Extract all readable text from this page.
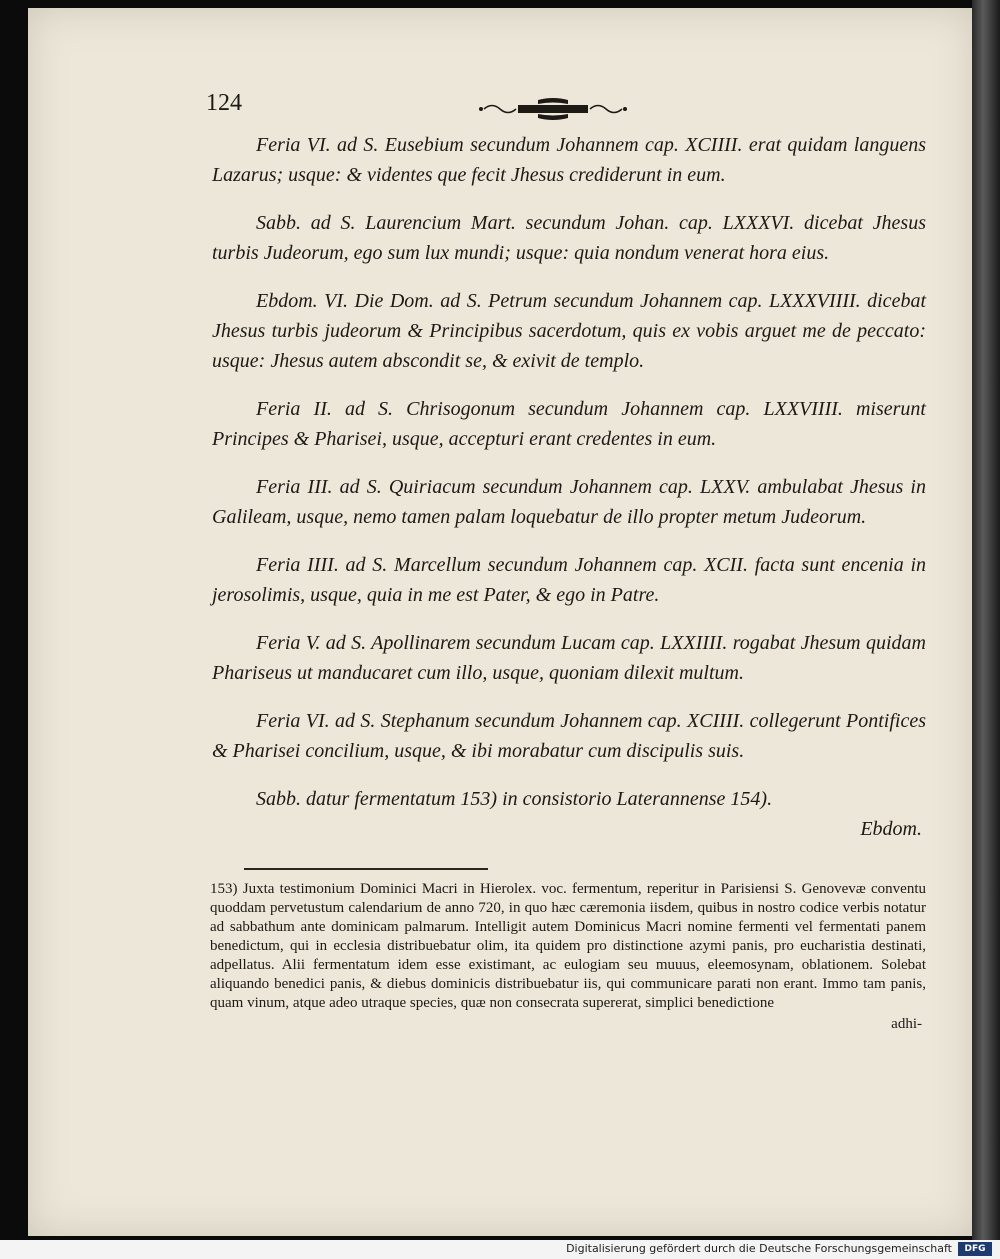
124

Feria VI. ad S. Eusebium secundum Johannem cap. XCIIII. erat quidam languens Lazarus; usque: & videntes que fecit Jhesus crediderunt in eum.

Sabb. ad S. Laurencium Mart. secundum Johan. cap. LXXXVI. dicebat Jhesus turbis Judeorum, ego sum lux mundi; usque: quia nondum venerat hora eius.

Ebdom. VI. Die Dom. ad S. Petrum secundum Johannem cap. LXXXVIIII. dicebat Jhesus turbis judeorum & Principibus sacerdotum, quis ex vobis arguet me de peccato: usque: Jhesus autem abscondit se, & exivit de templo.

Feria II. ad S. Chrisogonum secundum Johannem cap. LXXVIIII. miserunt Principes & Pharisei, usque, accepturi erant credentes in eum.

Feria III. ad S. Quiriacum secundum Johannem cap. LXXV. ambulabat Jhesus in Galileam, usque, nemo tamen palam loquebatur de illo propter metum Judeorum.

Feria IIII. ad S. Marcellum secundum Johannem cap. XCII. facta sunt encenia in jerosolimis, usque, quia in me est Pater, & ego in Patre.

Feria V. ad S. Apollinarem secundum Lucam cap. LXXIIII. rogabat Jhesum quidam Phariseus ut manducaret cum illo, usque, quoniam dilexit multum.

Feria VI. ad S. Stephanum secundum Johannem cap. XCIIII. collegerunt Pontifices & Pharisei concilium, usque, & ibi morabatur cum discipulis suis.

Sabb. datur fermentatum 153) in consistorio Laterannense 154).

Ebdom.

153) Juxta testimonium Dominici Macri in Hierolex. voc. fermentum, reperitur in Parisiensi S. Genovevæ conventu quoddam pervetustum calendarium de anno 720, in quo hæc cæremonia iisdem, quibus in nostro codice verbis notatur ad sabbathum ante dominicam palmarum. Intelligit autem Dominicus Macri nomine fermenti vel fermentati panem benedictum, qui in ecclesia distribuebatur olim, ita quidem pro distinctione azymi panis, pro eucharistia destinati, adpellatus. Alii fermentatum idem esse existimant, ac eulogiam seu muuus, eleemosynam, oblationem. Solebat aliquando benedici panis, & diebus dominicis distribuebatur iis, qui communicare parati non erant. Immo tam panis, quam vinum, atque adeo utraque species, quæ non consecrata supererat, simplici benedictione
adhi-
Digitalisierung gefördert durch die Deutsche Forschungsgemeinschaft	DFG
